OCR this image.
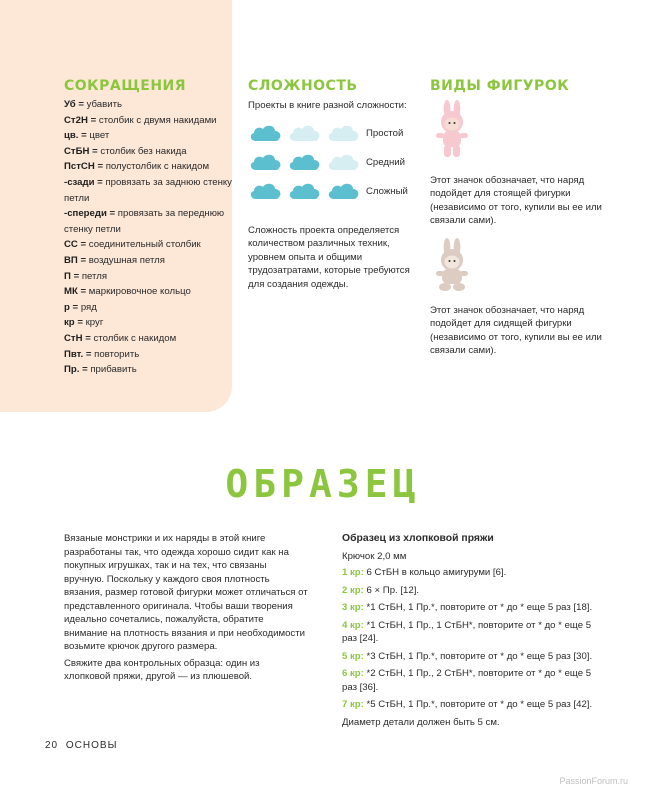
СОКРАЩЕНИЯ
Уб = убавить
Ст2Н = столбик с двумя накидами
цв. = цвет
СтБН = столбик без накида
ПстСН = полустолбик с накидом
-сзади = провязать за заднюю стенку петли
-спереди = провязать за переднюю стенку петли
СС = соединительный столбик
ВП = воздушная петля
П = петля
МК = маркировочное кольцо
р = ряд
кр = круг
СтН = столбик с накидом
Пвт. = повторить
Пр. = прибавить
СЛОЖНОСТЬ
Проекты в книге разной сложности:
Простой
Средний
Сложный
Сложность проекта определяется количеством различных техник, уровнем опыта и общими трудозатратами, которые требуются для создания одежды.
ВИДЫ ФИГУРОК
Этот значок обозначает, что наряд подойдет для стоящей фигурки (независимо от того, купили вы ее или связали сами).
Этот значок обозначает, что наряд подойдет для сидящей фигурки (независимо от того, купили вы ее или связали сами).
ОБРАЗЕЦ

Вязаные монстрики и их наряды в этой книге разработаны так, что одежда хорошо сидит как на покупных игрушках, так и на тех, что связаны вручную. Поскольку у каждого своя плотность вязания, размер готовой фигурки может отличаться от представленного оригинала. Чтобы ваши творения идеально сочетались, пожалуйста, обратите внимание на плотность вязания и при необходимости возьмите крючок другого размера.

Свяжите два контрольных образца: один из хлопковой пряжи, другой — из плюшевой.

Образец из хлопковой пряжи

Крючок 2,0 мм

1 кр: 6 СтБН в кольцо амигуруми [6].

2 кр: 6 × Пр. [12].

3 кр: *1 СтБН, 1 Пр.*, повторите от * до * еще 5 раз [18].

4 кр: *1 СтБН, 1 Пр., 1 СтБН*, повторите от * до * еще 5 раз [24].

5 кр: *3 СтБН, 1 Пр.*, повторите от * до * еще 5 раз [30].

6 кр: *2 СтБН, 1 Пр., 2 СтБН*, повторите от * до * еще 5 раз [36].

7 кр: *5 СтБН, 1 Пр.*, повторите от * до * еще 5 раз [42].

Диаметр детали должен быть 5 см.

20 ОСНОВЫ
PassionForum.ru
